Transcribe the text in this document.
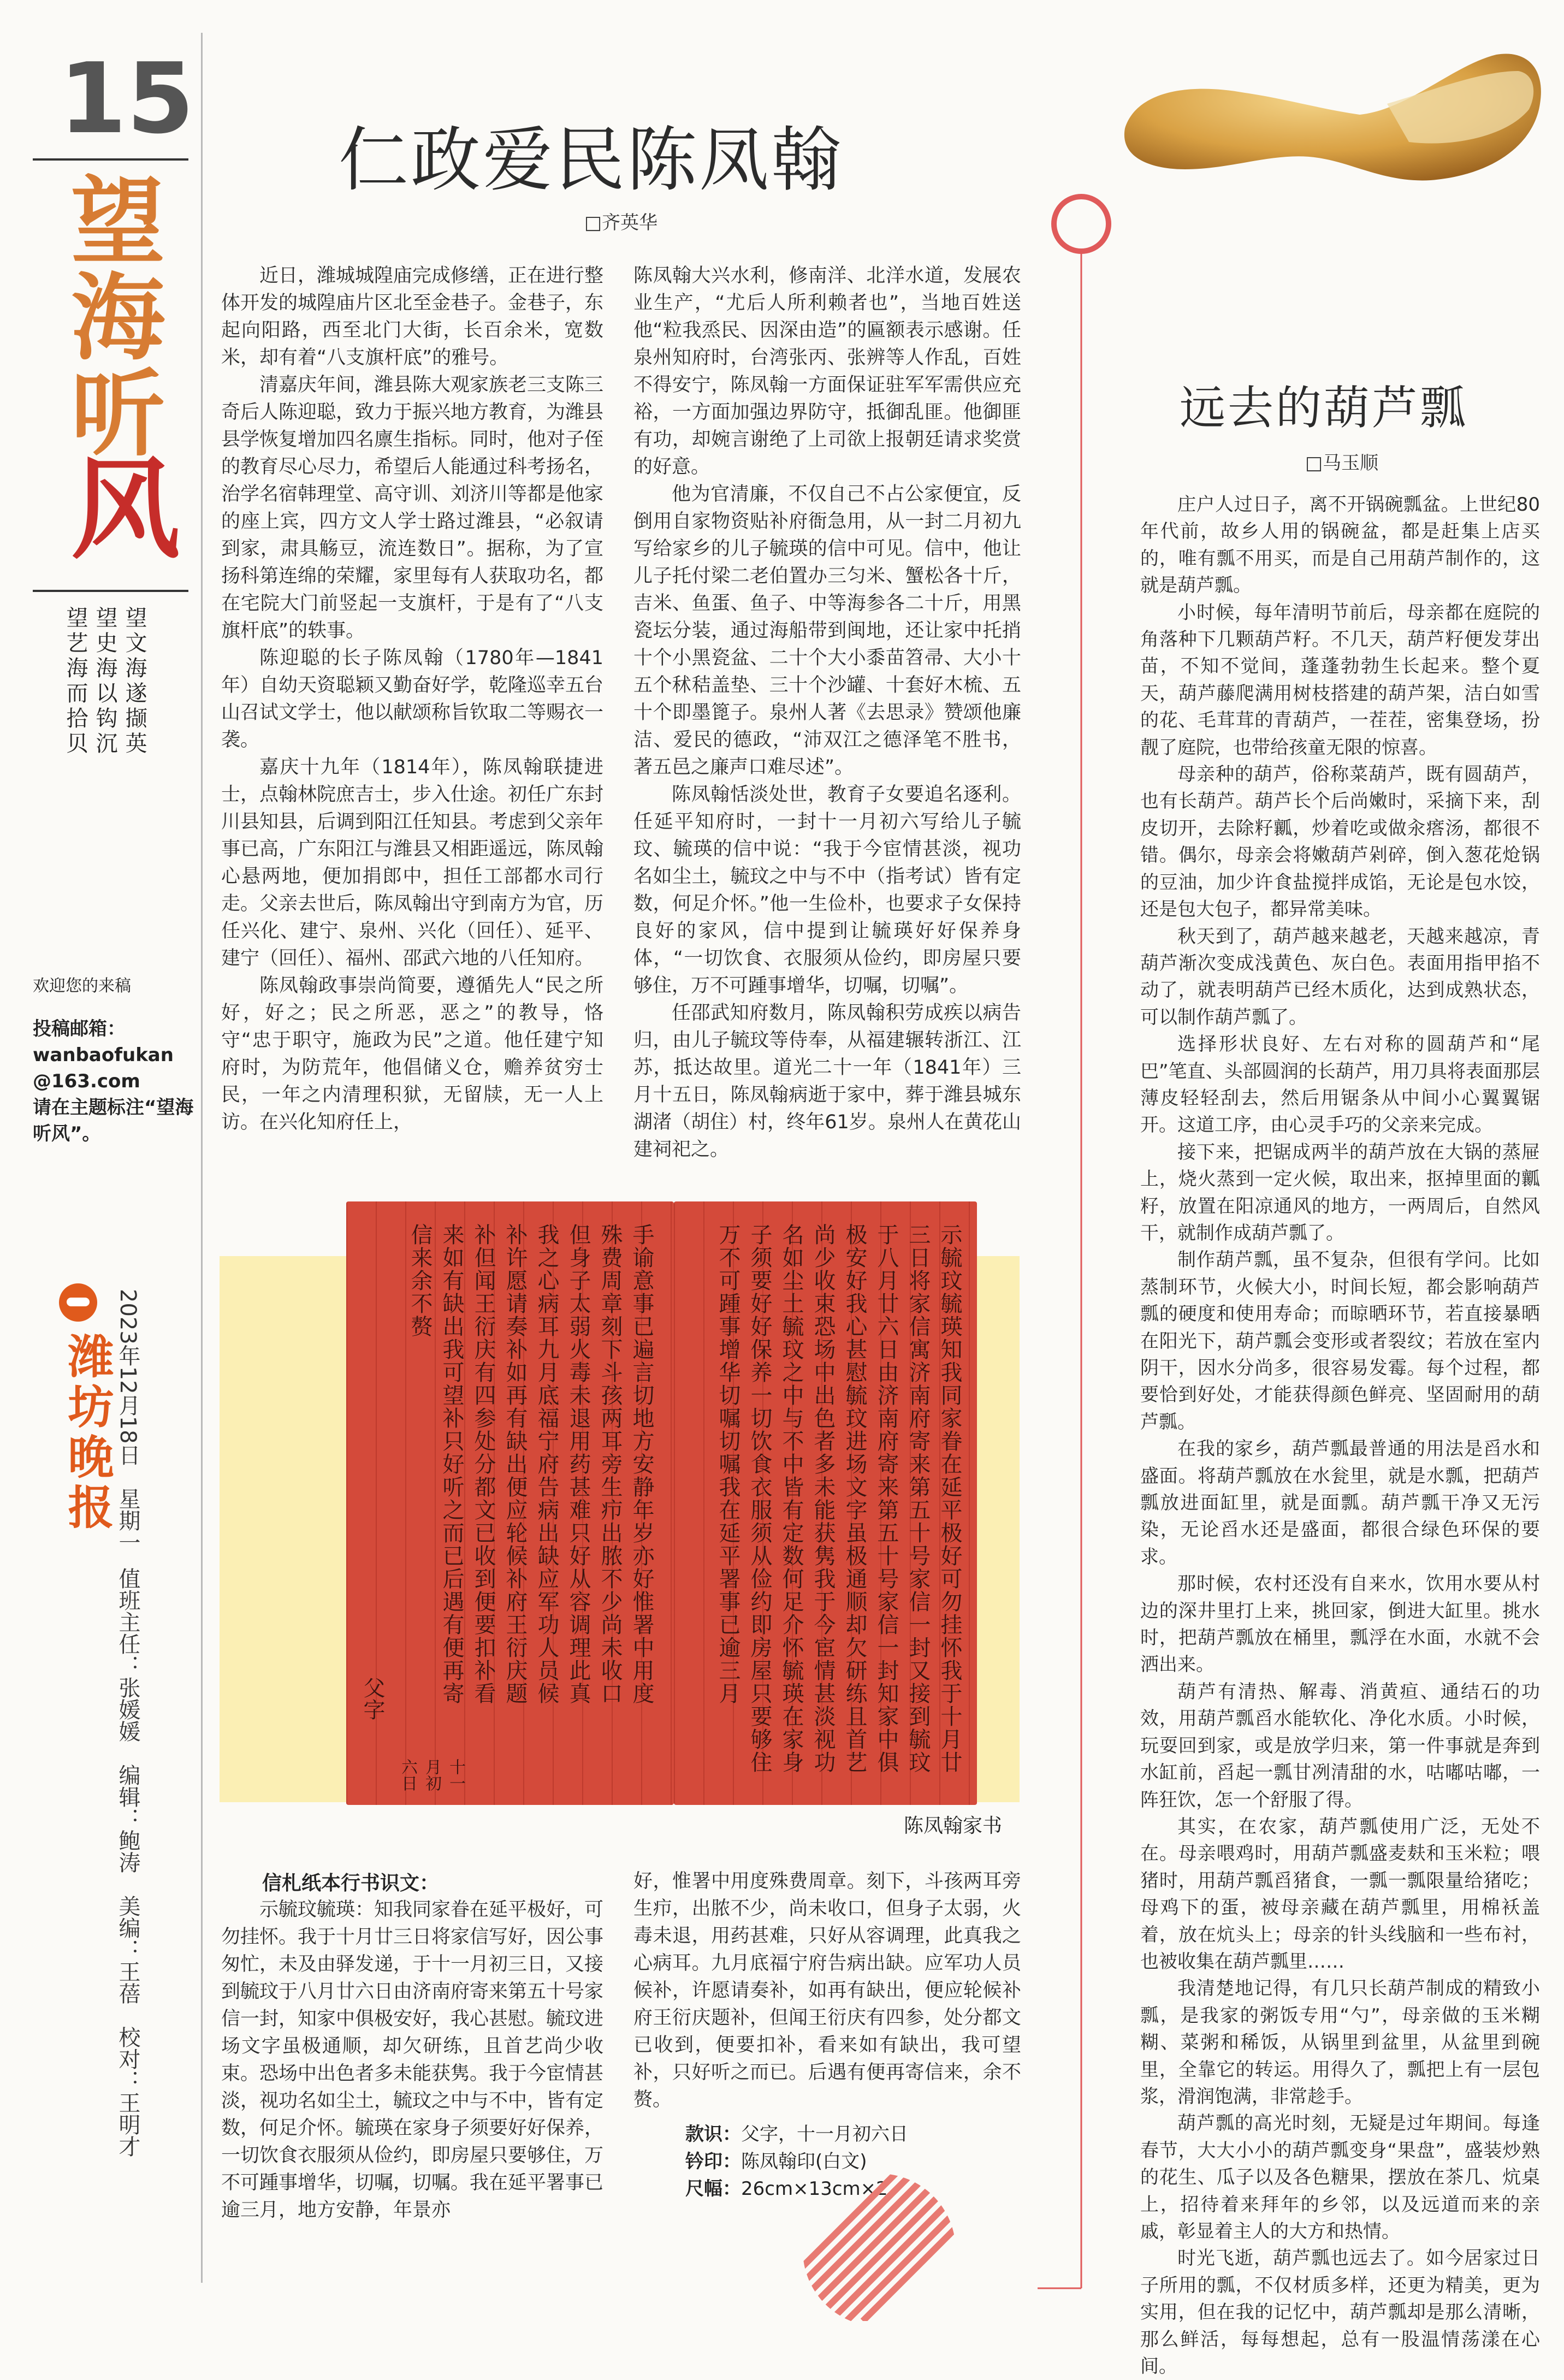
15
望海听风
望文海遂撷英
望史海以钩沉
望艺海而拾贝
欢迎您的来稿
投稿邮箱：
wanbaofukan
@163.com
请在主题标注“望海听风”。
潍坊晚报 2023年12月18日　星期一
值班主任：张媛媛　编辑：鲍涛　美编：王蓓　校对：王明才
仁政爱民陈凤翰
□齐英华

近日，潍城城隍庙完成修缮，正在进行整体开发的城隍庙片区北至金巷子。金巷子，东起向阳路，西至北门大街，长百余米，宽数米，却有着“八支旗杆底”的雅号。

清嘉庆年间，潍县陈大观家族老三支陈三奇后人陈迎聪，致力于振兴地方教育，为潍县县学恢复增加四名廪生指标。同时，他对子侄的教育尽心尽力，希望后人能通过科考扬名，治学名宿韩理堂、高守训、刘济川等都是他家的座上宾，四方文人学士路过潍县，“必叙请到家，肃具觞豆，流连数日”。据称，为了宣扬科第连绵的荣耀，家里每有人获取功名，都在宅院大门前竖起一支旗杆，于是有了“八支旗杆底”的轶事。

陈迎聪的长子陈凤翰（1780年—1841年）自幼天资聪颖又勤奋好学，乾隆巡幸五台山召试文学士，他以献颂称旨钦取二等赐衣一袭。

嘉庆十九年（1814年），陈凤翰联捷进士，点翰林院庶吉士，步入仕途。初任广东封川县知县，后调到阳江任知县。考虑到父亲年事已高，广东阳江与潍县又相距遥远，陈凤翰心悬两地，便加捐郎中，担任工部都水司行走。父亲去世后，陈凤翰出守到南方为官，历任兴化、建宁、泉州、兴化（回任）、延平、建宁（回任）、福州、邵武六地的八任知府。

陈凤翰政事崇尚简要，遵循先人“民之所好，好之；民之所恶，恶之”的教导，恪守“忠于职守，施政为民”之道。他任建宁知府时，为防荒年，他倡储义仓，赡养贫穷士民，一年之内清理积狱，无留牍，无一人上访。在兴化知府任上，

陈凤翰大兴水利，修南洋、北洋水道，发展农业生产，“尤后人所利赖者也”，当地百姓送他“粒我烝民、因深由造”的匾额表示感谢。任泉州知府时，台湾张丙、张辨等人作乱，百姓不得安宁，陈凤翰一方面保证驻军军需供应充裕，一方面加强边界防守，抵御乱匪。他御匪有功，却婉言谢绝了上司欲上报朝廷请求奖赏的好意。

他为官清廉，不仅自己不占公家便宜，反倒用自家物资贴补府衙急用，从一封二月初九写给家乡的儿子毓瑛的信中可见。信中，他让儿子托付梁二老伯置办三匀米、蟹松各十斤，吉米、鱼蛋、鱼子、中等海参各二十斤，用黑瓷坛分装，通过海船带到闽地，还让家中托捎十个小黑瓷盆、二十个大小黍苗笤帚、大小十五个秫秸盖垫、三十个沙罐、十套好木梳、五十个即墨篦子。泉州人著《去思录》赞颂他廉洁、爱民的德政，“沛双江之德泽笔不胜书，著五邑之廉声口难尽述”。

陈凤翰恬淡处世，教育子女要追名逐利。任延平知府时，一封十一月初六写给儿子毓玟、毓瑛的信中说：“我于今宦情甚淡，视功名如尘土，毓玟之中与不中（指考试）皆有定数，何足介怀。”他一生俭朴，也要求子女保持良好的家风，信中提到让毓瑛好好保养身体，“一切饮食、衣服须从俭约，即房屋只要够住，万不可踵事增华，切嘱，切嘱”。

任邵武知府数月，陈凤翰积劳成疾以病告归，由儿子毓玟等侍奉，从福建辗转浙江、江苏，抵达故里。道光二十一年（1841年）三月十五日，陈凤翰病逝于家中，葬于潍县城东湖渚（胡住）村，终年61岁。泉州人在黄花山建祠祀之。

手谕意事已遍言切地方安静年岁亦好惟署中用度殊费周章刻下斗孩两耳旁生疖出脓不少尚未收口但身子太弱火毒未退用药甚难只好从容调理此真我之心病耳九月底福宁府告病出缺应军功人员候补许愿请奏补如再有缺出便应轮候补府王衍庆题补但闻王衍庆有四参处分都文已收到便要扣补看来如有缺出我可望补只好听之而已后遇有便再寄信来余不赘
父字
十一月初六日
示毓玟毓瑛知我同家眷在延平极好可勿挂怀我于十月廿三日将家信寓济南府寄来第五十号家信一封又接到毓玟于八月廿六日由济南府寄来第五十号家信一封知家中俱极安好我心甚慰毓玟进场文字虽极通顺却欠研练且首艺尚少收束恐场中出色者多未能获隽我于今宦情甚淡视功名如尘土毓玟之中与不中皆有定数何足介怀毓瑛在家身子须要好好保养一切饮食衣服须从俭约即房屋只要够住万不可踵事增华切嘱切嘱我在延平署事已逾三月
陈凤翰家书
信札纸本行书识文：

示毓玟毓瑛：知我同家眷在延平极好，可勿挂怀。我于十月廿三日将家信写好，因公事匆忙，未及由驿发递，于十一月初三日，又接到毓玟于八月廿六日由济南府寄来第五十号家信一封，知家中俱极安好，我心甚慰。毓玟进场文字虽极通顺，却欠研练，且首艺尚少收束。恐场中出色者多未能获隽。我于今宦情甚淡，视功名如尘土，毓玟之中与不中，皆有定数，何足介怀。毓瑛在家身子须要好好保养，一切饮食衣服须从俭约，即房屋只要够住，万不可踵事增华，切嘱，切嘱。我在延平署事已逾三月，地方安静，年景亦

好，惟署中用度殊费周章。刻下，斗孩两耳旁生疖，出脓不少，尚未收口，但身子太弱，火毒未退，用药甚难，只好从容调理，此真我之心病耳。九月底福宁府告病出缺。应军功人员候补，许愿请奏补，如再有缺出，便应轮候补府王衍庆题补，但闻王衍庆有四参，处分都文已收到，便要扣补，看来如有缺出，我可望补，只好听之而已。后遇有便再寄信来，余不赘。

款识：父字，十一月初六日
钤印：陈凤翰印(白文)
尺幅：26cm×13cm×2
远去的葫芦瓢
□马玉顺

庄户人过日子，离不开锅碗瓢盆。上世纪80年代前，故乡人用的锅碗盆，都是赶集上店买的，唯有瓢不用买，而是自己用葫芦制作的，这就是葫芦瓢。

小时候，每年清明节前后，母亲都在庭院的角落种下几颗葫芦籽。不几天，葫芦籽便发芽出苗，不知不觉间，蓬蓬勃勃生长起来。整个夏天，葫芦藤爬满用树枝搭建的葫芦架，洁白如雪的花、毛茸茸的青葫芦，一茬茬，密集登场，扮靓了庭院，也带给孩童无限的惊喜。

母亲种的葫芦，俗称菜葫芦，既有圆葫芦，也有长葫芦。葫芦长个后尚嫩时，采摘下来，刮皮切开，去除籽瓤，炒着吃或做汆瘩汤，都很不错。偶尔，母亲会将嫩葫芦剁碎，倒入葱花炝锅的豆油，加少许食盐搅拌成馅，无论是包水饺，还是包大包子，都异常美味。

秋天到了，葫芦越来越老，天越来越凉，青葫芦渐次变成浅黄色、灰白色。表面用指甲掐不动了，就表明葫芦已经木质化，达到成熟状态，可以制作葫芦瓢了。

选择形状良好、左右对称的圆葫芦和“尾巴”笔直、头部圆润的长葫芦，用刀具将表面那层薄皮轻轻刮去，然后用锯条从中间小心翼翼锯开。这道工序，由心灵手巧的父亲来完成。

接下来，把锯成两半的葫芦放在大锅的蒸屉上，烧火蒸到一定火候，取出来，抠掉里面的瓤籽，放置在阳凉通风的地方，一两周后，自然风干，就制作成葫芦瓢了。

制作葫芦瓢，虽不复杂，但很有学问。比如蒸制环节，火候大小，时间长短，都会影响葫芦瓢的硬度和使用寿命；而晾晒环节，若直接暴晒在阳光下，葫芦瓢会变形或者裂纹；若放在室内阴干，因水分尚多，很容易发霉。每个过程，都要恰到好处，才能获得颜色鲜亮、坚固耐用的葫芦瓢。

在我的家乡，葫芦瓢最普通的用法是舀水和盛面。将葫芦瓢放在水瓮里，就是水瓢，把葫芦瓢放进面缸里，就是面瓢。葫芦瓢干净又无污染，无论舀水还是盛面，都很合绿色环保的要求。

那时候，农村还没有自来水，饮用水要从村边的深井里打上来，挑回家，倒进大缸里。挑水时，把葫芦瓢放在桶里，瓢浮在水面，水就不会洒出来。

葫芦有清热、解毒、消黄疸、通结石的功效，用葫芦瓢舀水能软化、净化水质。小时候，玩耍回到家，或是放学归来，第一件事就是奔到水缸前，舀起一瓢甘冽清甜的水，咕嘟咕嘟，一阵狂饮，怎一个舒服了得。

其实，在农家，葫芦瓢使用广泛，无处不在。母亲喂鸡时，用葫芦瓢盛麦麸和玉米粒；喂猪时，用葫芦瓢舀猪食，一瓢一瓢限量给猪吃；母鸡下的蛋，被母亲藏在葫芦瓢里，用棉袄盖着，放在炕头上；母亲的针头线脑和一些布衬，也被收集在葫芦瓢里……

我清楚地记得，有几只长葫芦制成的精致小瓢，是我家的粥饭专用“勺”，母亲做的玉米糊糊、菜粥和稀饭，从锅里到盆里，从盆里到碗里，全靠它的转运。用得久了，瓢把上有一层包浆，滑润饱满，非常趁手。

葫芦瓢的高光时刻，无疑是过年期间。每逢春节，大大小小的葫芦瓢变身“果盘”，盛装炒熟的花生、瓜子以及各色糖果，摆放在茶几、炕桌上，招待着来拜年的乡邻，以及远道而来的亲戚，彰显着主人的大方和热情。

时光飞逝，葫芦瓢也远去了。如今居家过日子所用的瓢，不仅材质多样，还更为精美，更为实用，但在我的记忆中，葫芦瓢却是那么清晰，那么鲜活，每每想起，总有一股温情荡漾在心间。
